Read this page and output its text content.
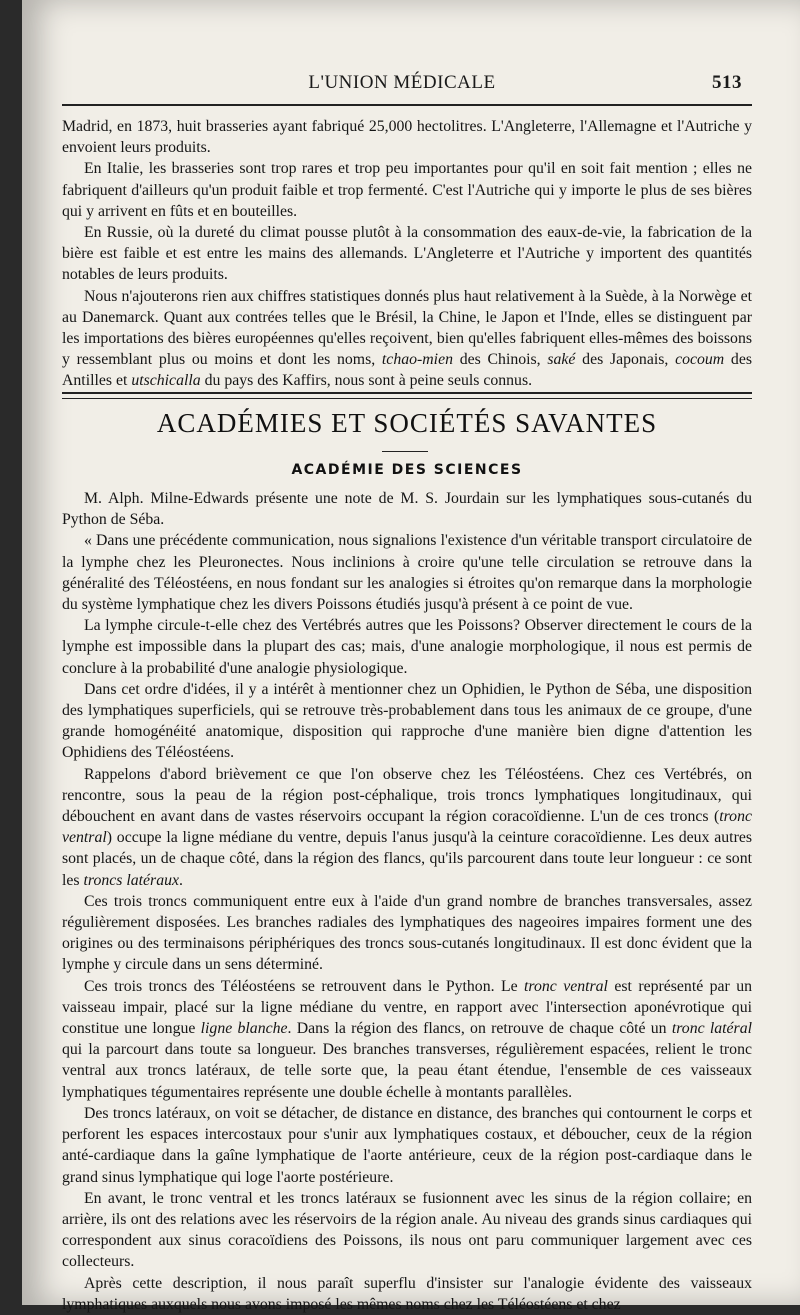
L'UNION MÉDICALE	513

Madrid, en 1873, huit brasseries ayant fabriqué 25,000 hectolitres. L'Angleterre, l'Allemagne et l'Autriche y envoient leurs produits.

En Italie, les brasseries sont trop rares et trop peu importantes pour qu'il en soit fait mention ; elles ne fabriquent d'ailleurs qu'un produit faible et trop fermenté. C'est l'Autriche qui y importe le plus de ses bières qui y arrivent en fûts et en bouteilles.

En Russie, où la dureté du climat pousse plutôt à la consommation des eaux-de-vie, la fabrication de la bière est faible et est entre les mains des allemands. L'Angleterre et l'Autriche y importent des quantités notables de leurs produits.

Nous n'ajouterons rien aux chiffres statistiques donnés plus haut relativement à la Suède, à la Norwège et au Danemarck. Quant aux contrées telles que le Brésil, la Chine, le Japon et l'Inde, elles se distinguent par les importations des bières européennes qu'elles reçoivent, bien qu'elles fabriquent elles-mêmes des boissons y ressemblant plus ou moins et dont les noms, tchao-mien des Chinois, saké des Japonais, cocoum des Antilles et utschicalla du pays des Kaffirs, nous sont à peine seuls connus.

ACADÉMIES ET SOCIÉTÉS SAVANTES
ACADÉMIE DES SCIENCES

M. Alph. Milne-Edwards présente une note de M. S. Jourdain sur les lymphatiques sous-cutanés du Python de Séba.

« Dans une précédente communication, nous signalions l'existence d'un véritable transport circulatoire de la lymphe chez les Pleuronectes. Nous inclinions à croire qu'une telle circulation se retrouve dans la généralité des Téléostéens, en nous fondant sur les analogies si étroites qu'on remarque dans la morphologie du système lymphatique chez les divers Poissons étudiés jusqu'à présent à ce point de vue.

La lymphe circule-t-elle chez des Vertébrés autres que les Poissons? Observer directement le cours de la lymphe est impossible dans la plupart des cas; mais, d'une analogie morphologique, il nous est permis de conclure à la probabilité d'une analogie physiologique.

Dans cet ordre d'idées, il y a intérêt à mentionner chez un Ophidien, le Python de Séba, une disposition des lymphatiques superficiels, qui se retrouve très-probablement dans tous les animaux de ce groupe, d'une grande homogénéité anatomique, disposition qui rapproche d'une manière bien digne d'attention les Ophidiens des Téléostéens.

Rappelons d'abord brièvement ce que l'on observe chez les Téléostéens. Chez ces Vertébrés, on rencontre, sous la peau de la région post-céphalique, trois troncs lymphatiques longitudinaux, qui débouchent en avant dans de vastes réservoirs occupant la région coracoïdienne. L'un de ces troncs (tronc ventral) occupe la ligne médiane du ventre, depuis l'anus jusqu'à la ceinture coracoïdienne. Les deux autres sont placés, un de chaque côté, dans la région des flancs, qu'ils parcourent dans toute leur longueur : ce sont les troncs latéraux.

Ces trois troncs communiquent entre eux à l'aide d'un grand nombre de branches transversales, assez régulièrement disposées. Les branches radiales des lymphatiques des nageoires impaires forment une des origines ou des terminaisons périphériques des troncs sous-cutanés longitudinaux. Il est donc évident que la lymphe y circule dans un sens déterminé.

Ces trois troncs des Téléostéens se retrouvent dans le Python. Le tronc ventral est représenté par un vaisseau impair, placé sur la ligne médiane du ventre, en rapport avec l'intersection aponévrotique qui constitue une longue ligne blanche. Dans la région des flancs, on retrouve de chaque côté un tronc latéral qui la parcourt dans toute sa longueur. Des branches transverses, régulièrement espacées, relient le tronc ventral aux troncs latéraux, de telle sorte que, la peau étant étendue, l'ensemble de ces vaisseaux lymphatiques tégumentaires représente une double échelle à montants parallèles.

Des troncs latéraux, on voit se détacher, de distance en distance, des branches qui contournent le corps et perforent les espaces intercostaux pour s'unir aux lymphatiques costaux, et déboucher, ceux de la région anté-cardiaque dans la gaîne lymphatique de l'aorte antérieure, ceux de la région post-cardiaque dans le grand sinus lymphatique qui loge l'aorte postérieure.

En avant, le tronc ventral et les troncs latéraux se fusionnent avec les sinus de la région collaire; en arrière, ils ont des relations avec les réservoirs de la région anale. Au niveau des grands sinus cardiaques qui correspondent aux sinus coracoïdiens des Poissons, ils nous ont paru communiquer largement avec ces collecteurs.

Après cette description, il nous paraît superflu d'insister sur l'analogie évidente des vaisseaux lymphatiques auxquels nous avons imposé les mêmes noms chez les Téléostéens et chez
